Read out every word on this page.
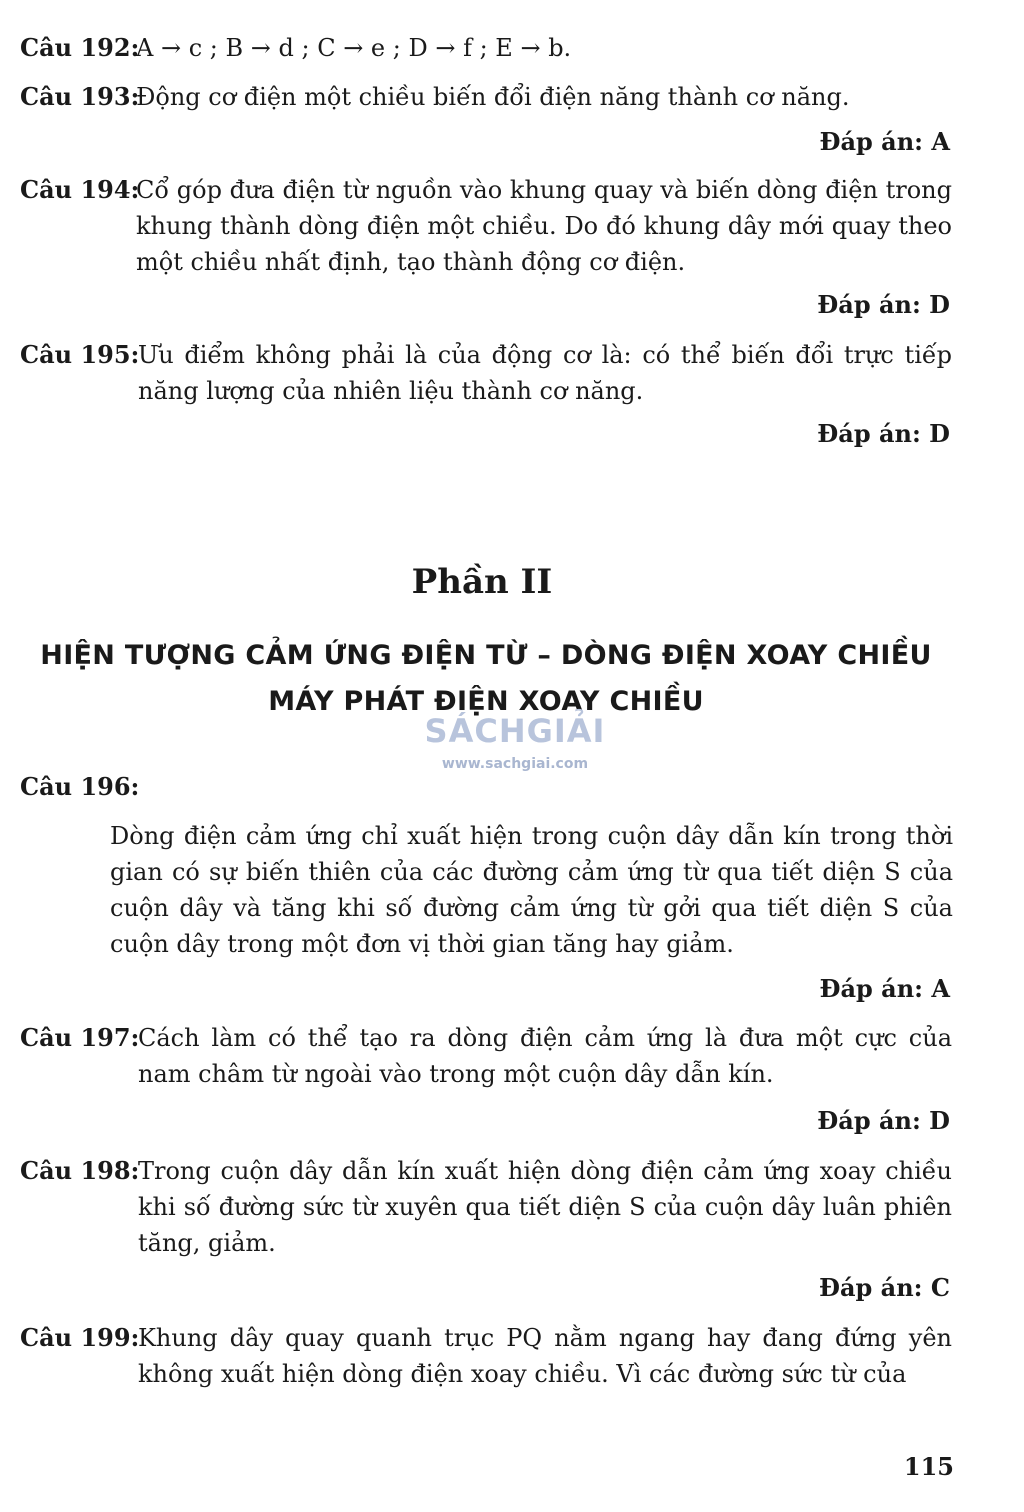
Câu 192:
A → c ; B → d ; C → e ; D → f ; E → b.
Câu 193:
Động cơ điện một chiều biến đổi điện năng thành cơ năng.
Đáp án: A
Câu 194:
Cổ góp đưa điện từ nguồn vào khung quay và biến dòng điện trong khung thành dòng điện một chiều. Do đó khung dây mới quay theo một chiều nhất định, tạo thành động cơ điện.
Đáp án: D
Câu 195:
Ưu điểm không phải là của động cơ là: có thể biến đổi trực tiếp năng lượng của nhiên liệu thành cơ năng.
Đáp án: D
Phần II
HIỆN TƯỢNG CẢM ỨNG ĐIỆN TỪ – DÒNG ĐIỆN XOAY CHIỀU
MÁY PHÁT ĐIỆN XOAY CHIỀU
SÁCHGIẢI
www.sachgiai.com
Câu 196:
Dòng điện cảm ứng chỉ xuất hiện trong cuộn dây dẫn kín trong thời gian có sự biến thiên của các đường cảm ứng từ qua tiết diện S của cuộn dây và tăng khi số đường cảm ứng từ gởi qua tiết diện S của cuộn dây trong một đơn vị thời gian tăng hay giảm.
Đáp án: A
Câu 197:
Cách làm có thể tạo ra dòng điện cảm ứng là đưa một cực của nam châm từ ngoài vào trong một cuộn dây dẫn kín.
Đáp án: D
Câu 198:
Trong cuộn dây dẫn kín xuất hiện dòng điện cảm ứng xoay chiều khi số đường sức từ xuyên qua tiết diện S của cuộn dây luân phiên tăng, giảm.
Đáp án: C
Câu 199:
Khung dây quay quanh trục PQ nằm ngang hay đang đứng yên không xuất hiện dòng điện xoay chiều. Vì các đường sức từ của
115
